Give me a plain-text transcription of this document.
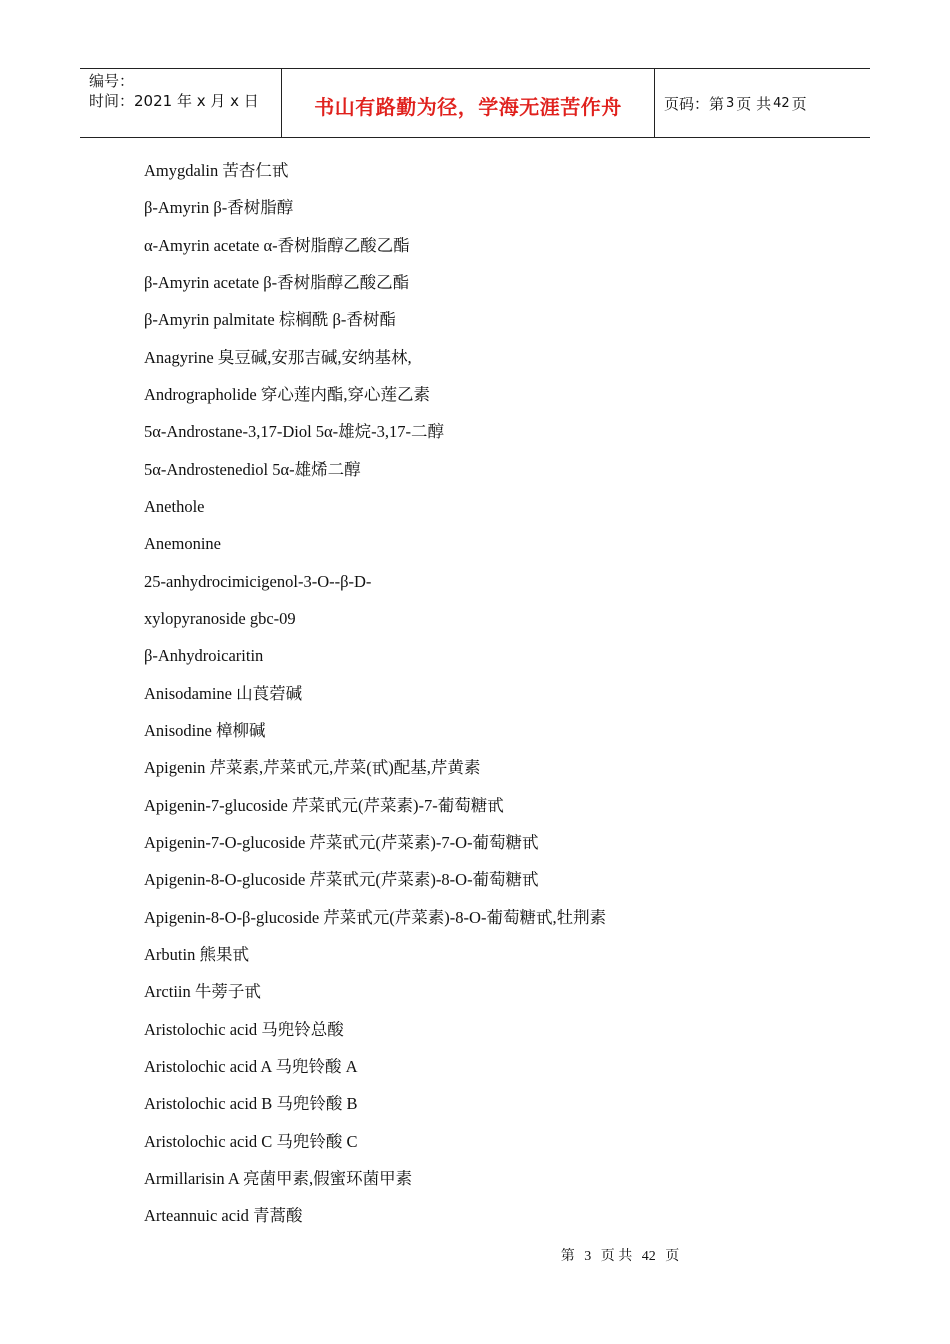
编号：
时间：2021 年 x 月 x 日	书山有路勤为径，学海无涯苦作舟	页码：第 3 页 共 42 页
Amygdalin 苦杏仁甙
β-Amyrin β-香树脂醇
α-Amyrin acetate α-香树脂醇乙酸乙酯
β-Amyrin acetate β-香树脂醇乙酸乙酯
β-Amyrin palmitate 棕榈酰 β-香树酯
Anagyrine 臭豆碱,安那吉碱,安纳基林,
Andrographolide 穿心莲内酯,穿心莲乙素
5α-Androstane-3,17-Diol 5α-雄烷-3,17-二醇
5α-Androstenediol 5α-雄烯二醇
Anethole
Anemonine
25-anhydrocimicigenol-3-O--β-D-
xylopyranoside gbc-09
β-Anhydroicaritin
Anisodamine 山莨菪碱
Anisodine 樟柳碱
Apigenin 芹菜素,芹菜甙元,芹菜(甙)配基,芹黄素
Apigenin-7-glucoside 芹菜甙元(芹菜素)-7-葡萄糖甙
Apigenin-7-O-glucoside 芹菜甙元(芹菜素)-7-O-葡萄糖甙
Apigenin-8-O-glucoside 芹菜甙元(芹菜素)-8-O-葡萄糖甙
Apigenin-8-O-β-glucoside 芹菜甙元(芹菜素)-8-O-葡萄糖甙,牡荆素
Arbutin 熊果甙
Arctiin 牛蒡子甙
Aristolochic acid 马兜铃总酸
Aristolochic acid A 马兜铃酸 A
Aristolochic acid B 马兜铃酸 B
Aristolochic acid C 马兜铃酸 C
Armillarisin A 亮菌甲素,假蜜环菌甲素
Arteannuic acid 青蒿酸
第 3 页 共 42 页
